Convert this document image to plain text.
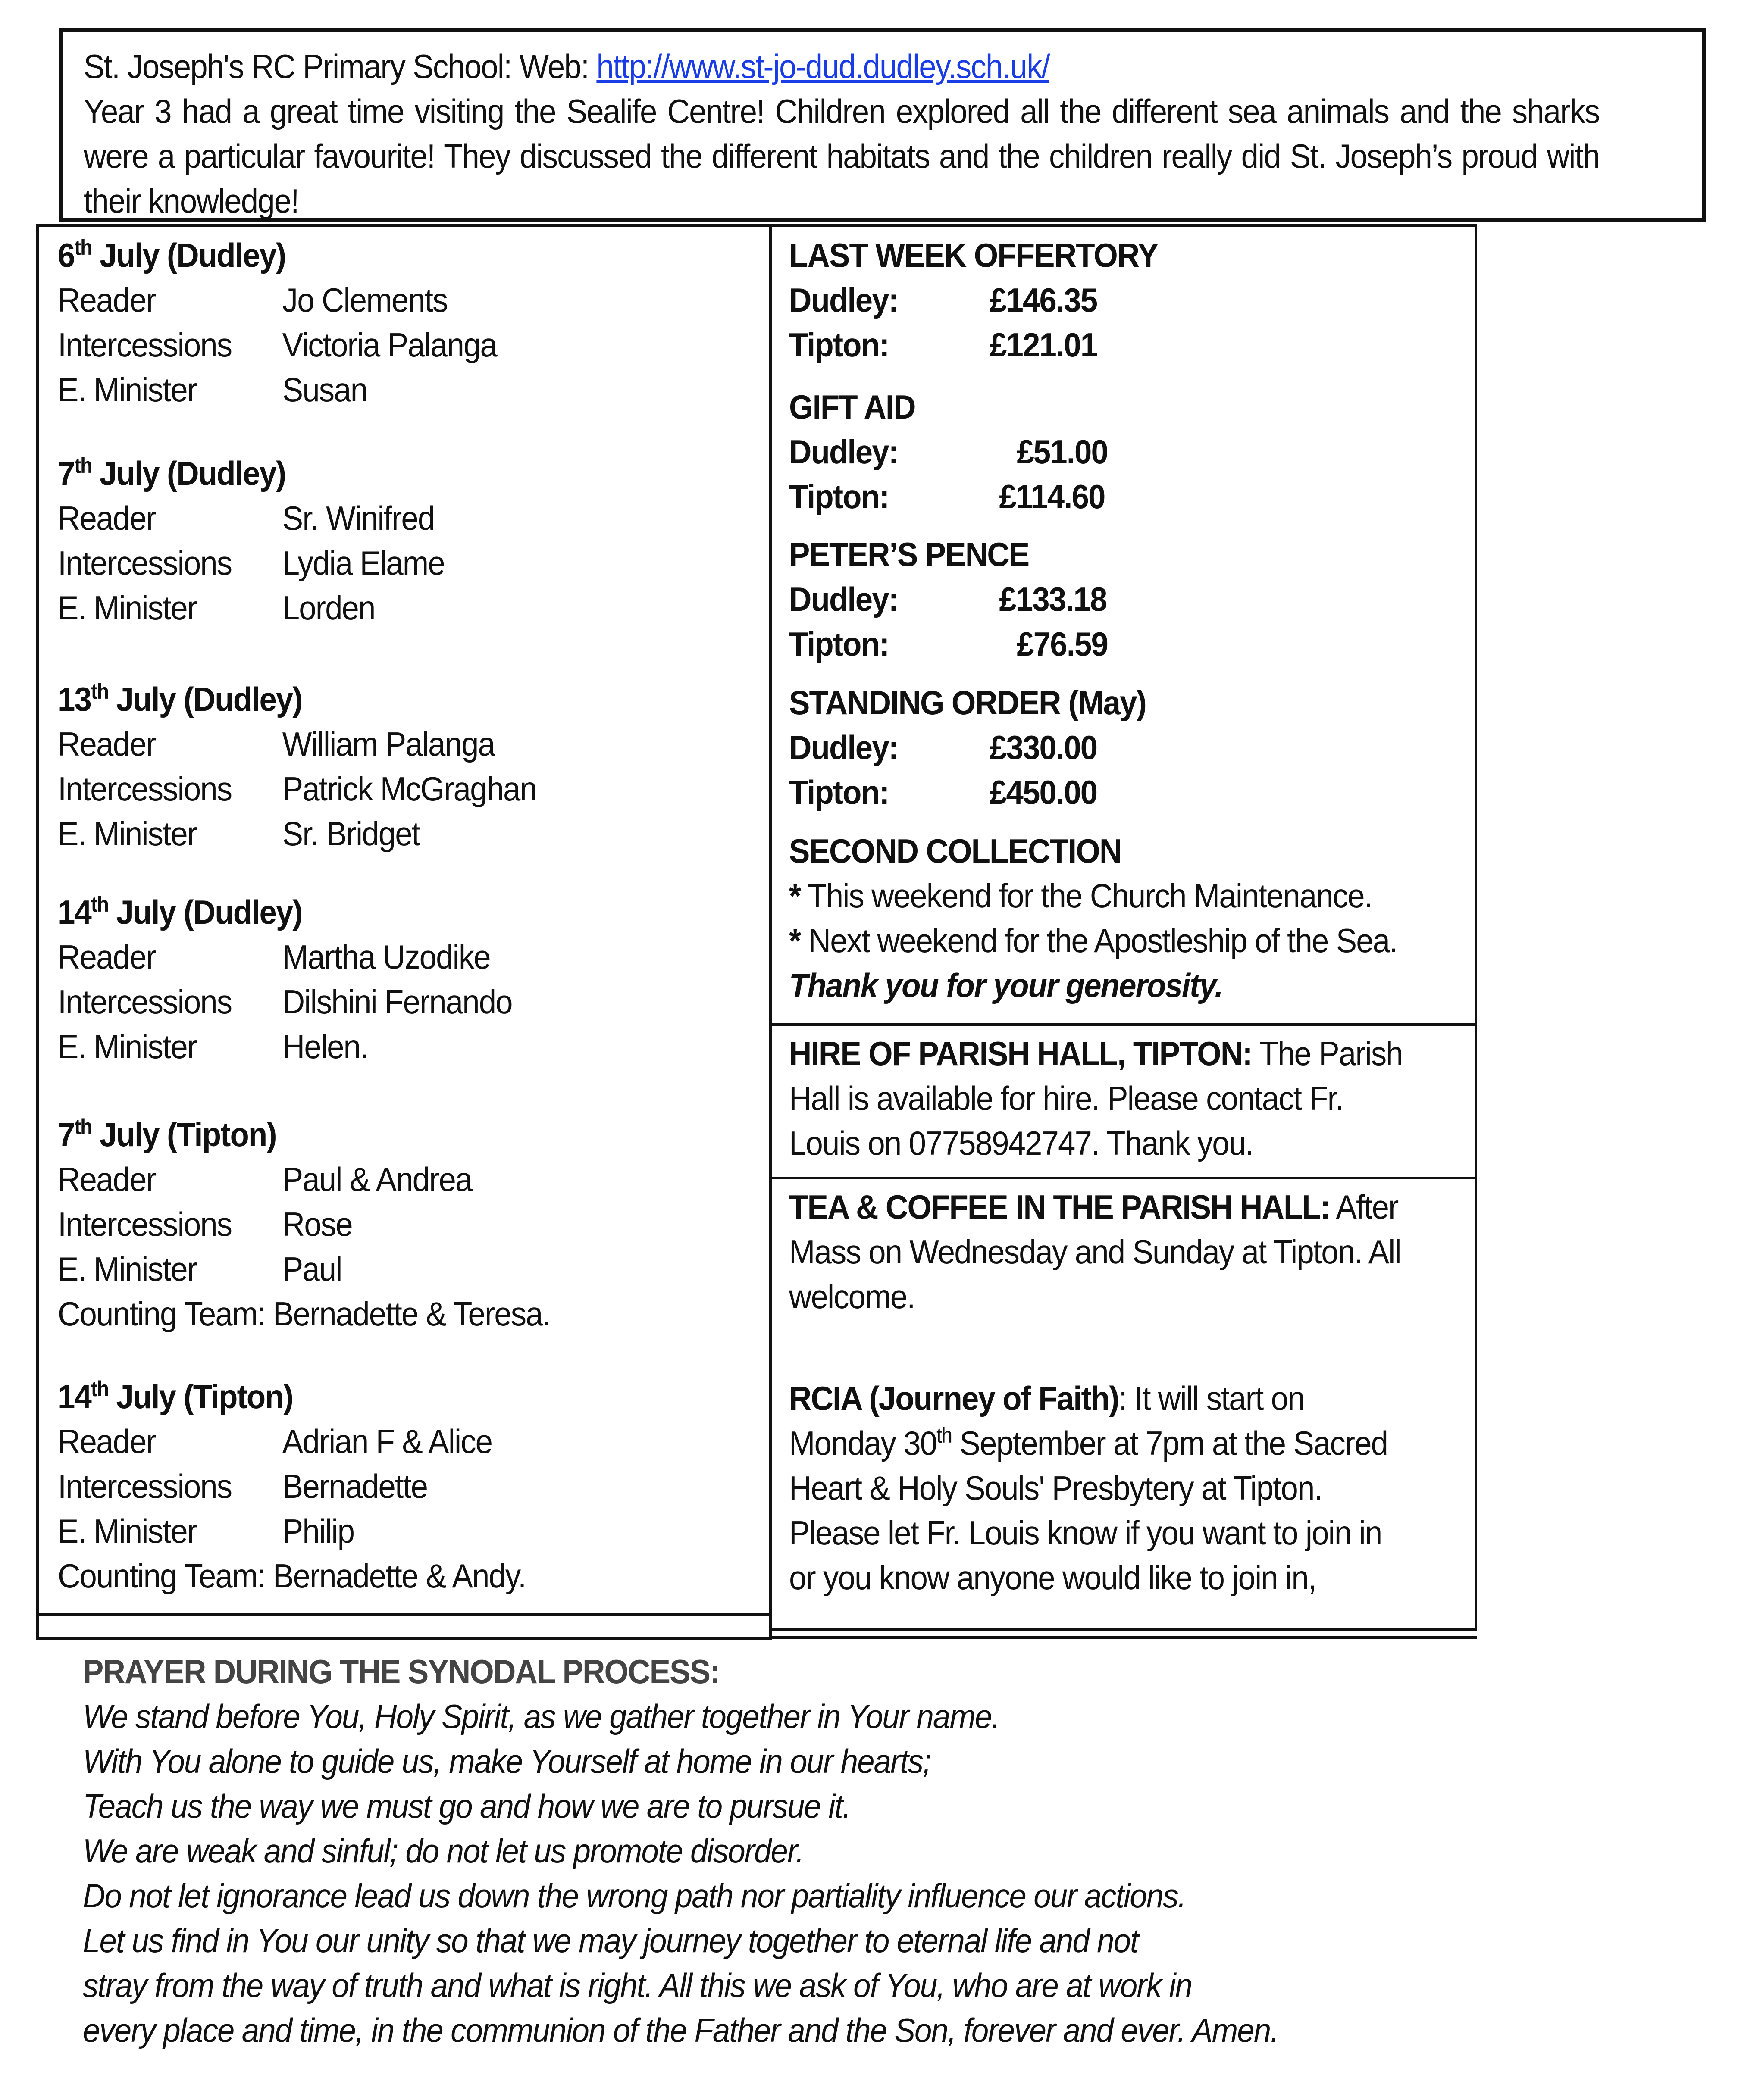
St. Joseph's RC Primary School: Web: http://www.st-jo-dud.dudley.sch.uk/
Year 3 had a great time visiting the Sealife Centre! Children explored all the different sea animals and the sharks were a particular favourite! They discussed the different habitats and the children really did St. Joseph’s proud with their knowledge!
6th July (Dudley)
Reader	Jo Clements
Intercessions Victoria Palanga
E. Minister	Susan
7th July (Dudley)
Reader	Sr. Winifred
Intercessions Lydia Elame
E. Minister	Lorden
13th July (Dudley)
Reader	William Palanga
Intercessions Patrick McGraghan
E. Minister	Sr. Bridget
14th July (Dudley)
Reader	Martha Uzodike
Intercessions Dilshini Fernando
E. Minister	Helen.
7th July (Tipton)
Reader	Paul & Andrea
Intercessions Rose
E. Minister	Paul
Counting Team: Bernadette & Teresa.
14th July (Tipton)
Reader	Adrian F & Alice
Intercessions Bernadette
E. Minister	Philip
Counting Team: Bernadette & Andy.
LAST WEEK OFFERTORY
Dudley:	£146.35
Tipton:	£121.01
GIFT AID
Dudley:	£51.00
Tipton:	£114.60
PETER’S PENCE
Dudley:	£133.18
Tipton:	£76.59
STANDING ORDER (May)
Dudley:	£330.00
Tipton:	£450.00
SECOND COLLECTION
* This weekend for the Church Maintenance.
* Next weekend for the Apostleship of the Sea.
Thank you for your generosity.
HIRE OF PARISH HALL, TIPTON: The Parish
Hall is available for hire. Please contact Fr.
Louis on 07758942747. Thank you.
TEA & COFFEE IN THE PARISH HALL: After
Mass on Wednesday and Sunday at Tipton. All
welcome.
RCIA (Journey of Faith): It will start on
Monday 30th September at 7pm at the Sacred
Heart & Holy Souls' Presbytery at Tipton.
Please let Fr. Louis know if you want to join in
or you know anyone would like to join in,
PRAYER DURING THE SYNODAL PROCESS:
We stand before You, Holy Spirit, as we gather together in Your name.
With You alone to guide us, make Yourself at home in our hearts;
Teach us the way we must go and how we are to pursue it.
We are weak and sinful; do not let us promote disorder.
Do not let ignorance lead us down the wrong path nor partiality influence our actions.
Let us find in You our unity so that we may journey together to eternal life and not
stray from the way of truth and what is right. All this we ask of You, who are at work in
every place and time, in the communion of the Father and the Son, forever and ever. Amen.
